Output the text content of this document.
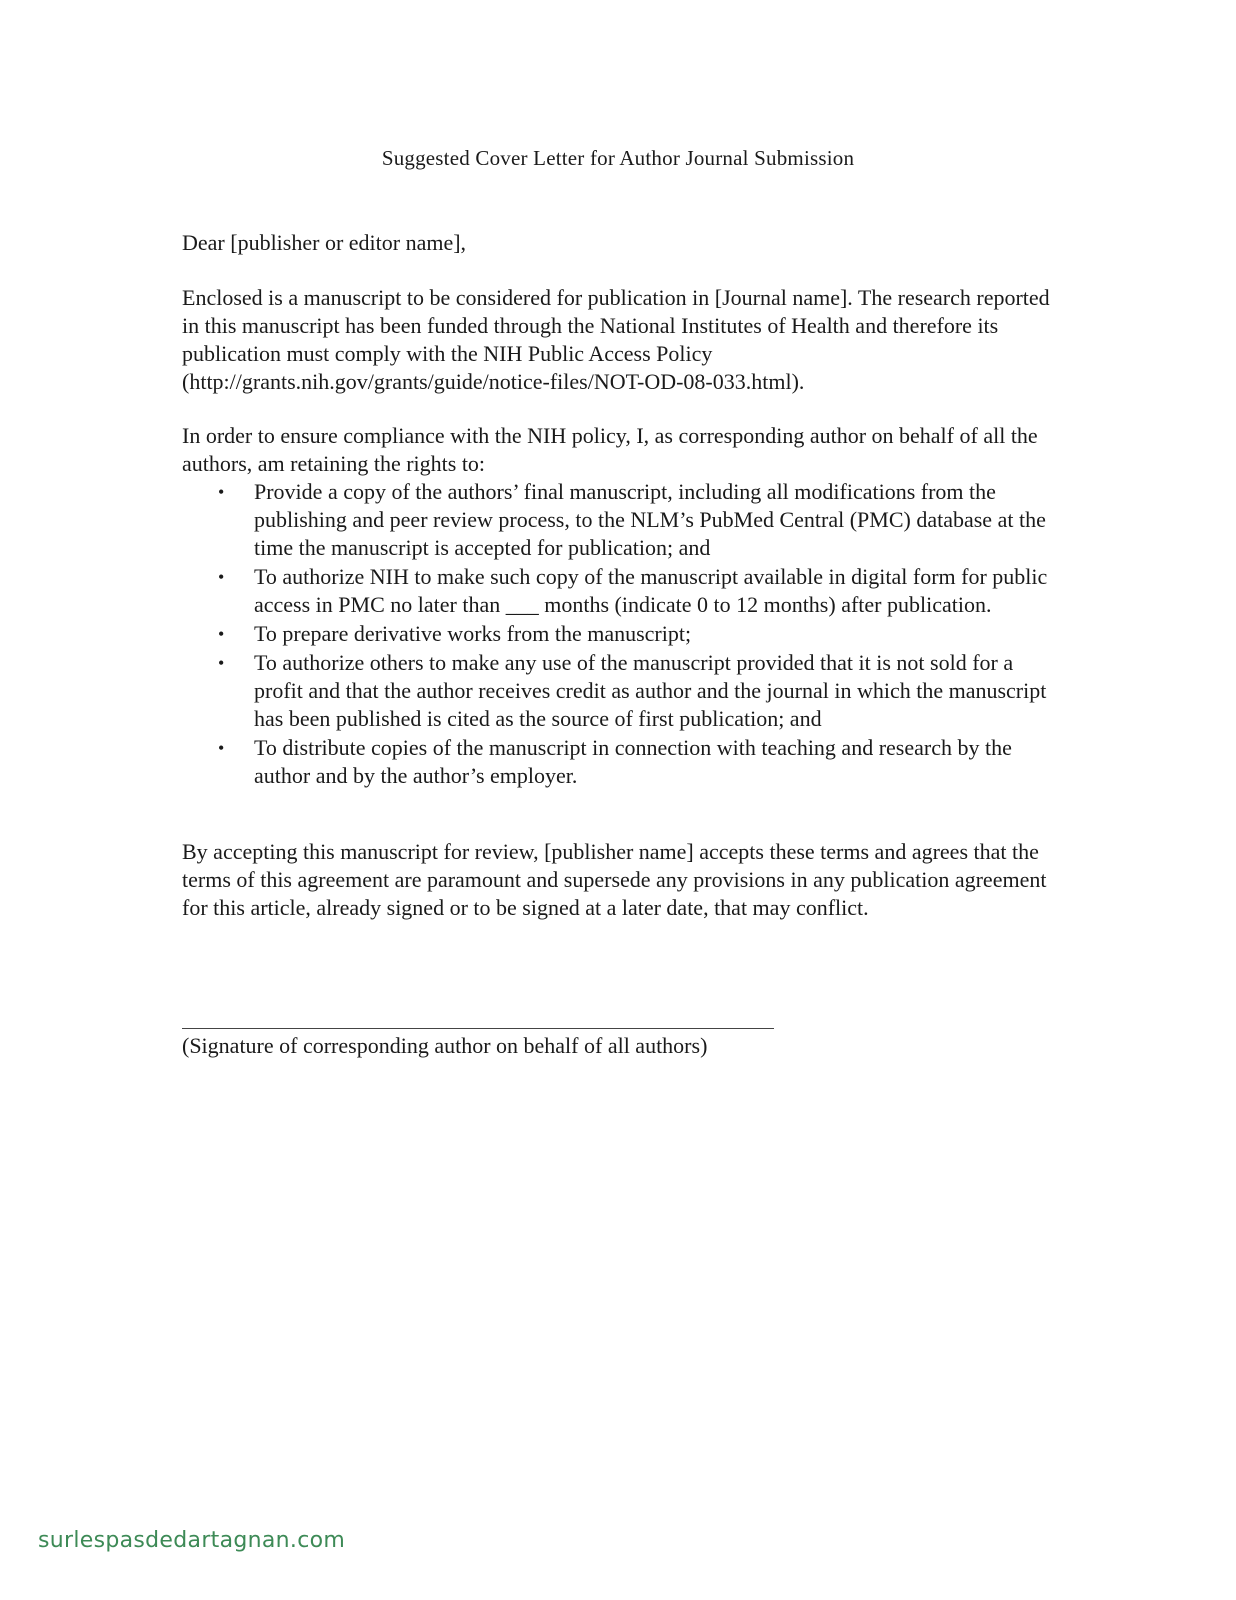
Suggested Cover Letter for Author Journal Submission
Dear [publisher or editor name],

Enclosed is a manuscript to be considered for publication in [Journal name]. The research reported in this manuscript has been funded through the National Institutes of Health and therefore its publication must comply with the NIH Public Access Policy (http://grants.nih.gov/grants/guide/notice-files/NOT-OD-08-033.html).

In order to ensure compliance with the NIH policy, I, as corresponding author on behalf of all the authors, am retaining the rights to:

• Provide a copy of the authors’ final manuscript, including all modifications from the publishing and peer review process, to the NLM’s PubMed Central (PMC) database at the time the manuscript is accepted for publication; and
• To authorize NIH to make such copy of the manuscript available in digital form for public access in PMC no later than ___ months (indicate 0 to 12 months) after publication.
• To prepare derivative works from the manuscript;
• To authorize others to make any use of the manuscript provided that it is not sold for a profit and that the author receives credit as author and the journal in which the manuscript has been published is cited as the source of first publication; and
• To distribute copies of the manuscript in connection with teaching and research by the author and by the author’s employer.

By accepting this manuscript for review, [publisher name] accepts these terms and agrees that the terms of this agreement are paramount and supersede any provisions in any publication agreement for this article, already signed or to be signed at a later date, that may conflict.

(Signature of corresponding author on behalf of all authors)
surlespasdedartagnan.com
